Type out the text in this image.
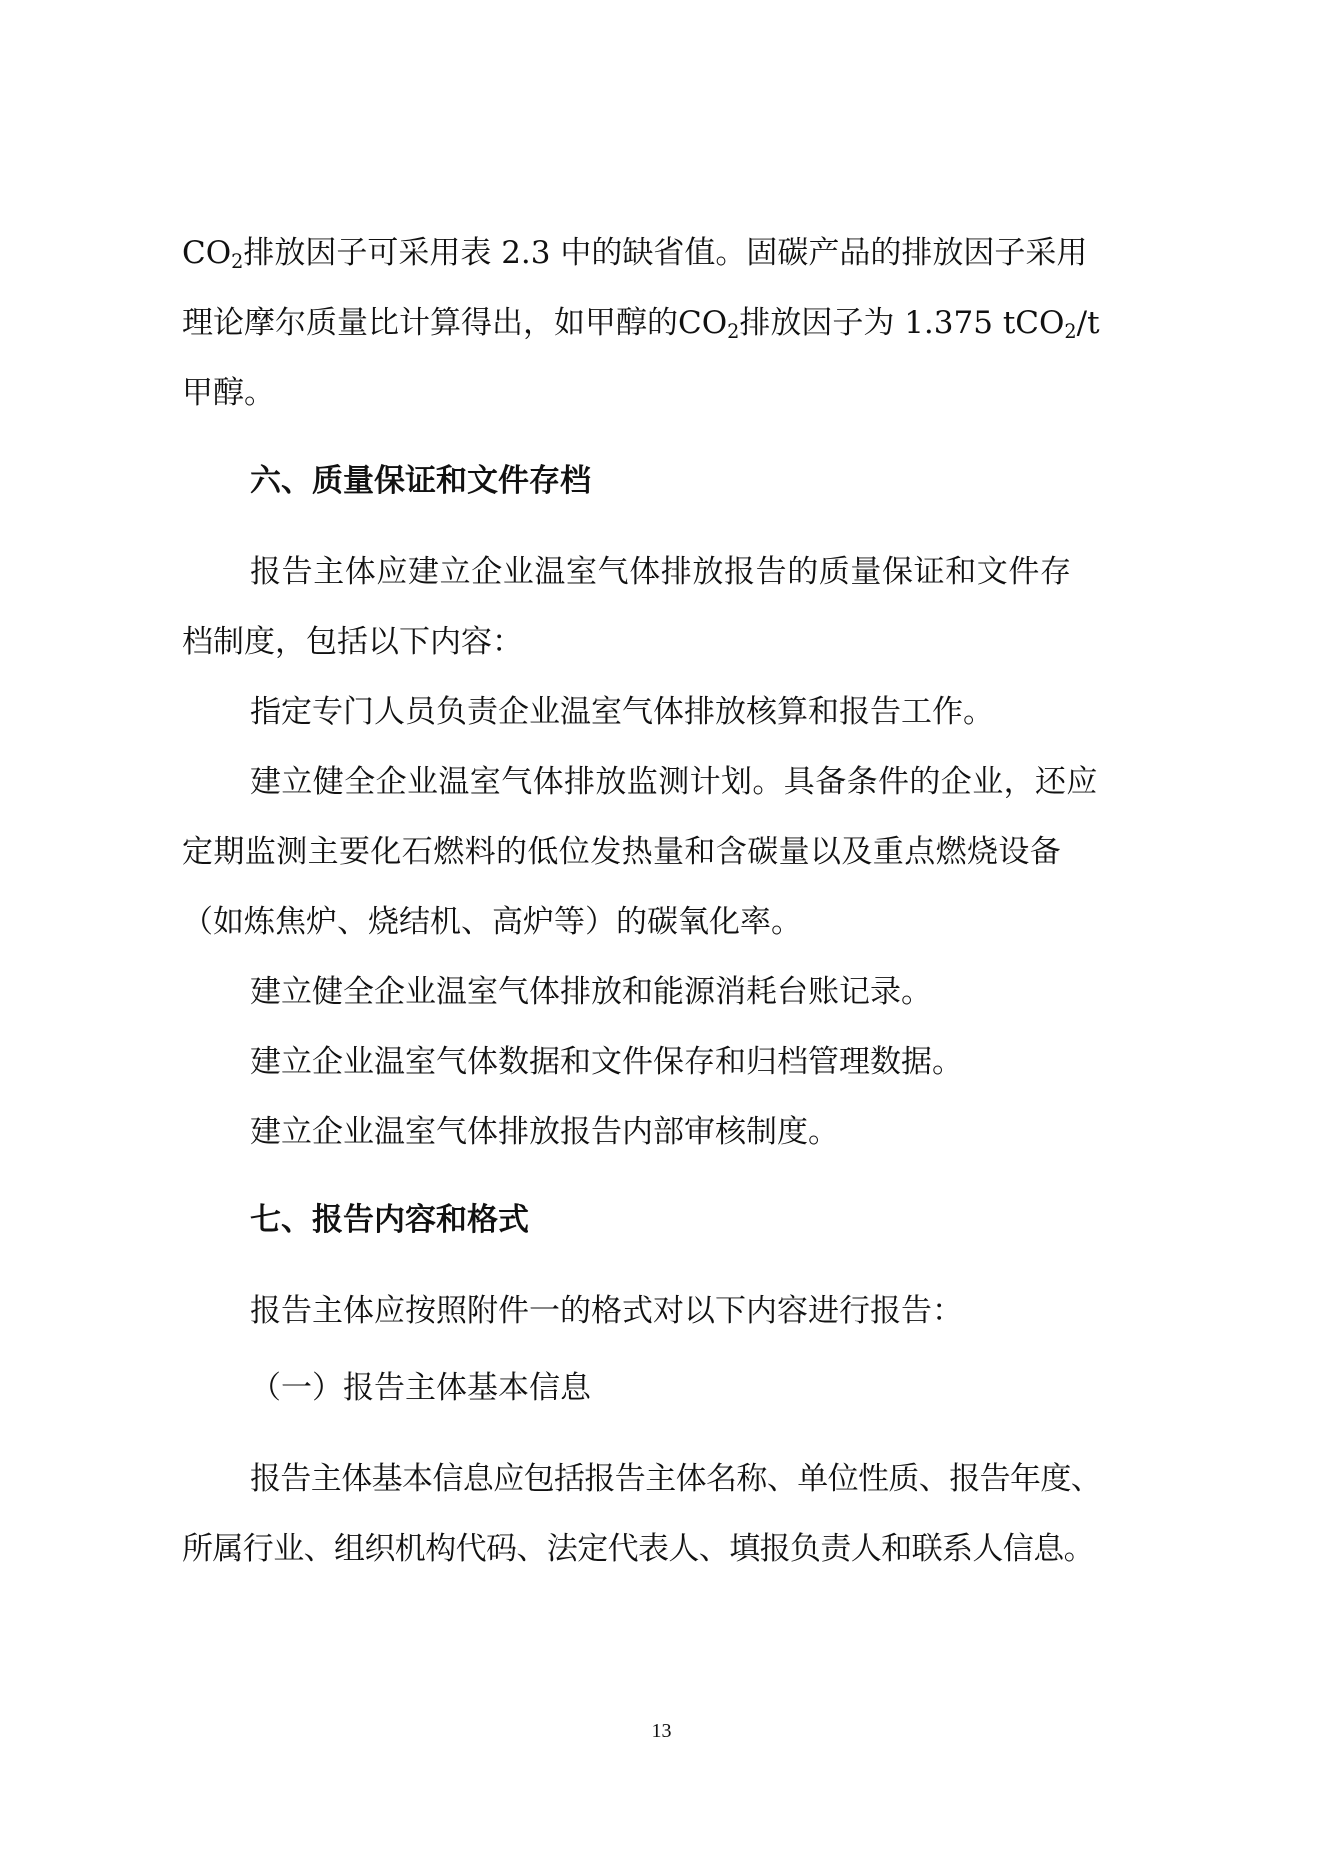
$CO_2$排放因子可采用表 2.3 中的缺省值。固碳产品的排放因子采用
理论摩尔质量比计算得出，如甲醇的$CO_2$排放因子为 1.375 tCO$_2$/t
甲醇。
六、质量保证和文件存档
报告主体应建立企业温室气体排放报告的质量保证和文件存
档制度，包括以下内容：
指定专门人员负责企业温室气体排放核算和报告工作。
建立健全企业温室气体排放监测计划。具备条件的企业，还应
定期监测主要化石燃料的低位发热量和含碳量以及重点燃烧设备
（如炼焦炉、烧结机、高炉等）的碳氧化率。
建立健全企业温室气体排放和能源消耗台账记录。
建立企业温室气体数据和文件保存和归档管理数据。
建立企业温室气体排放报告内部审核制度。
七、报告内容和格式
报告主体应按照附件一的格式对以下内容进行报告：
（一）报告主体基本信息
报告主体基本信息应包括报告主体名称、单位性质、报告年度、
所属行业、组织机构代码、法定代表人、填报负责人和联系人信息。
13
